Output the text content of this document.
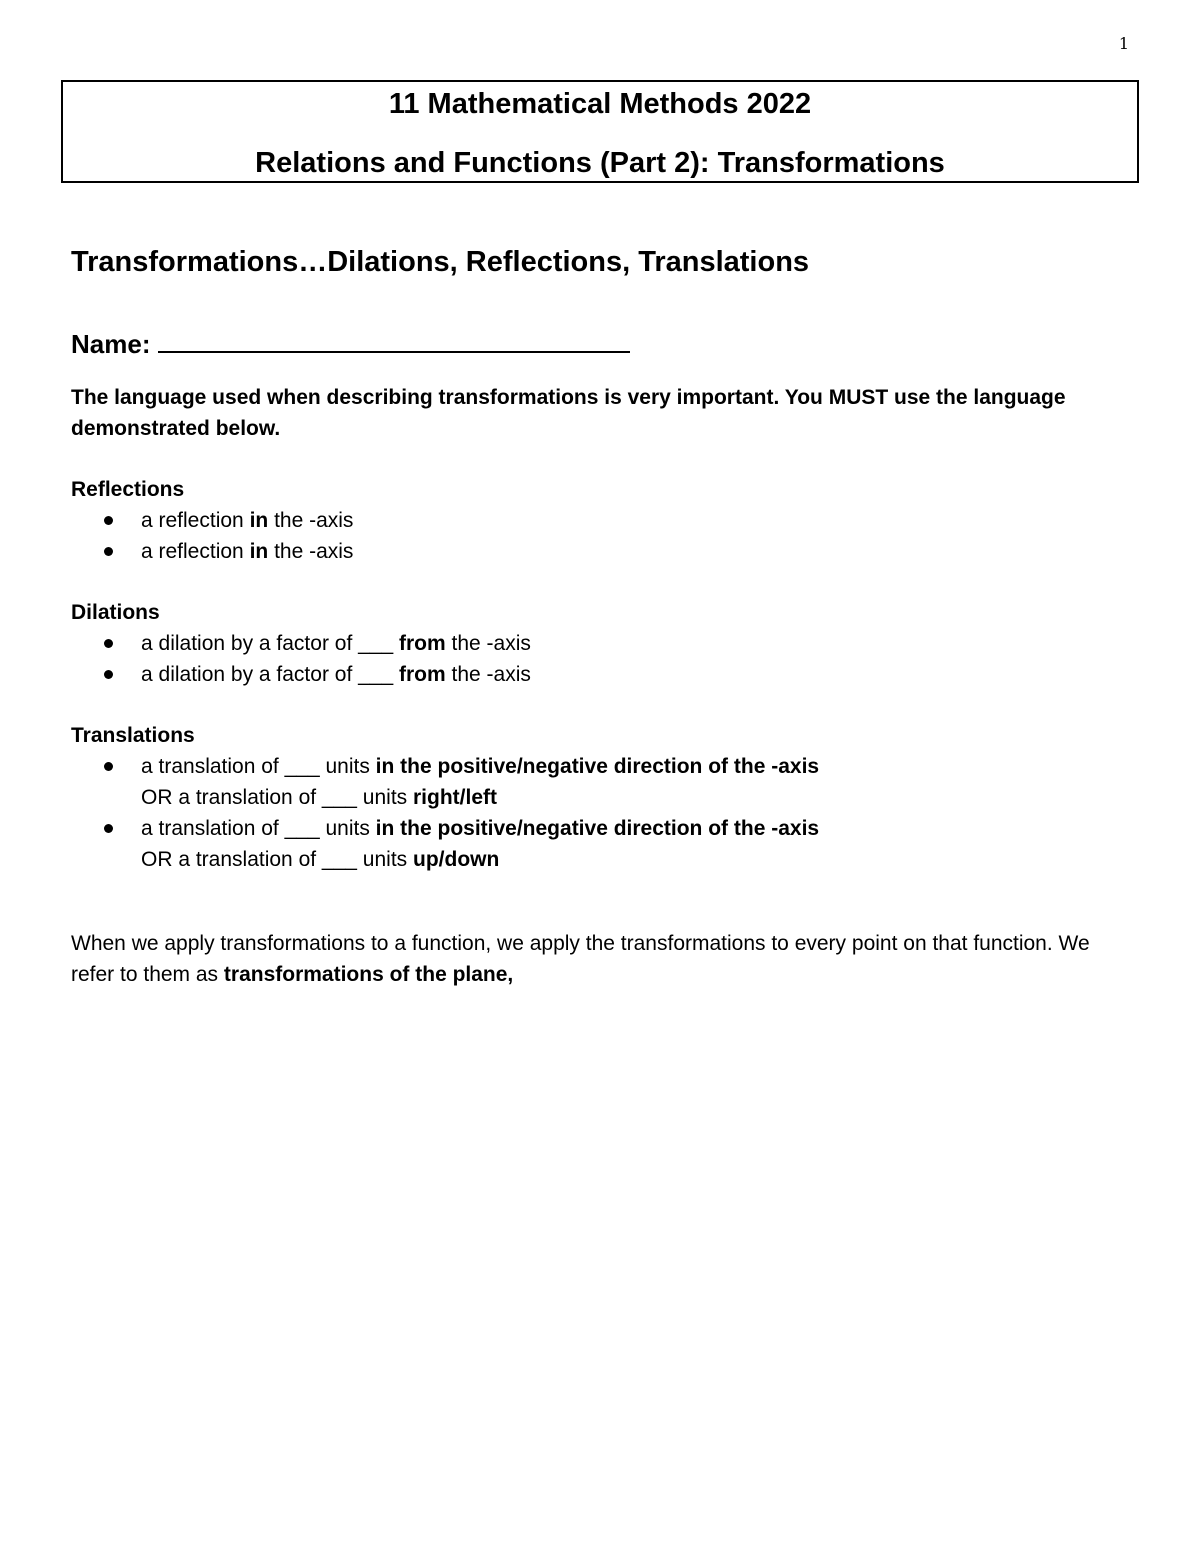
1
11 Mathematical Methods 2022
Relations and Functions (Part 2): Transformations
Transformations…Dilations, Reflections, Translations
Name:
The language used when describing transformations is very important. You MUST use the language demonstrated below.
Reflections
a reflection in the -axis
a reflection in the -axis
Dilations
a dilation by a factor of ___ from the -axis
a dilation by a factor of ___ from the -axis
Translations
a translation of ___ units in the positive/negative direction of the -axis
OR a translation of ___ units right/left
a translation of ___ units in the positive/negative direction of the -axis
OR a translation of ___ units up/down
When we apply transformations to a function, we apply the transformations to every point on that function. We refer to them as transformations of the plane,
